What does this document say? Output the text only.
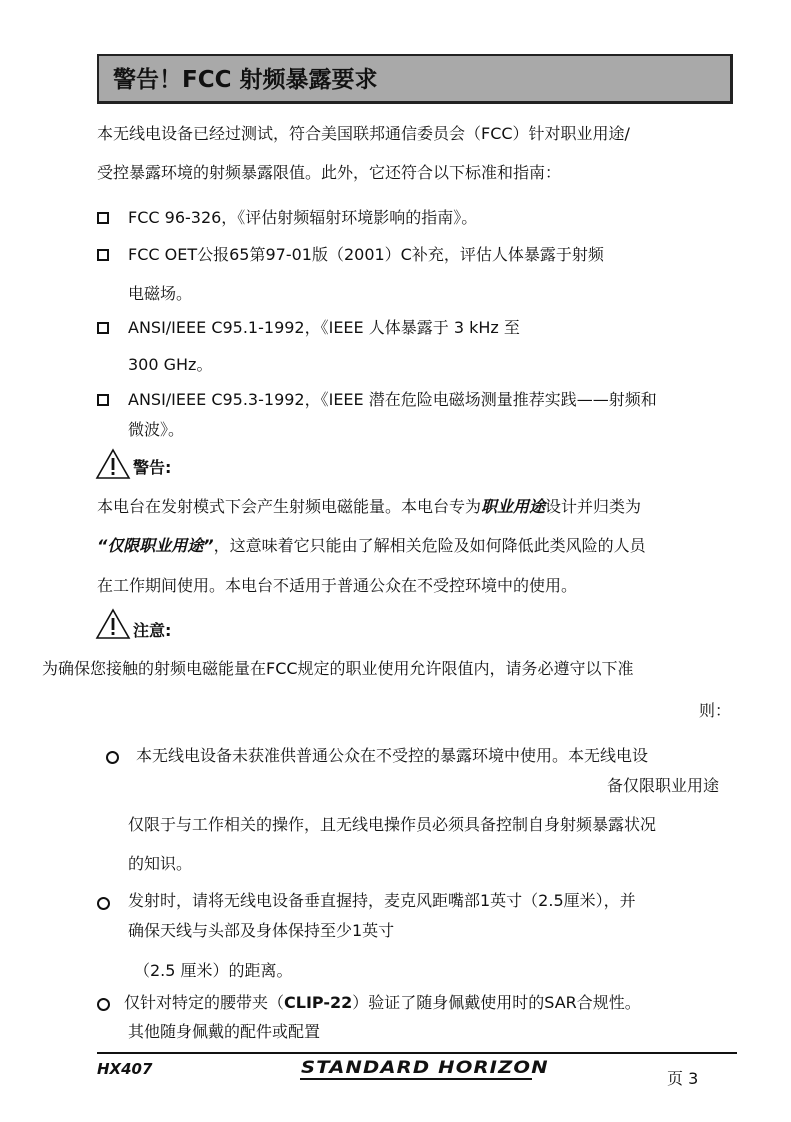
警告！FCC 射频暴露要求
本无线电设备已经过测试，符合美国联邦通信委员会（FCC）针对职业用途/
受控暴露环境的射频暴露限值。此外，它还符合以下标准和指南：
FCC 96-326，《评估射频辐射环境影响的指南》。
FCC OET公报65第97-01版（2001）C补充，评估人体暴露于射频
电磁场。
ANSI/IEEE C95.1-1992，《IEEE 人体暴露于 3 kHz 至
300 GHz。
ANSI/IEEE C95.3-1992，《IEEE 潜在危险电磁场测量推荐实践——射频和
微波》。
警告:
本电台在发射模式下会产生射频电磁能量。本电台专为职业用途设计并归类为
“仅限职业用途”，这意味着它只能由了解相关危险及如何降低此类风险的人员
在工作期间使用。本电台不适用于普通公众在不受控环境中的使用。
注意:
为确保您接触的射频电磁能量在FCC规定的职业使用允许限值内，请务必遵守以下准
则：
本无线电设备未获准供普通公众在不受控的暴露环境中使用。本无线电设
备仅限职业用途
仅限于与工作相关的操作，且无线电操作员必须具备控制自身射频暴露状况
的知识。
发射时，请将无线电设备垂直握持，麦克风距嘴部1英寸（2.5厘米），并
确保天线与头部及身体保持至少1英寸
（2.5 厘米）的距离。
仅针对特定的腰带夹（CLIP-22）验证了随身佩戴使用时的SAR合规性。
其他随身佩戴的配件或配置
HX407	STANDARD HORIZON
页 3
